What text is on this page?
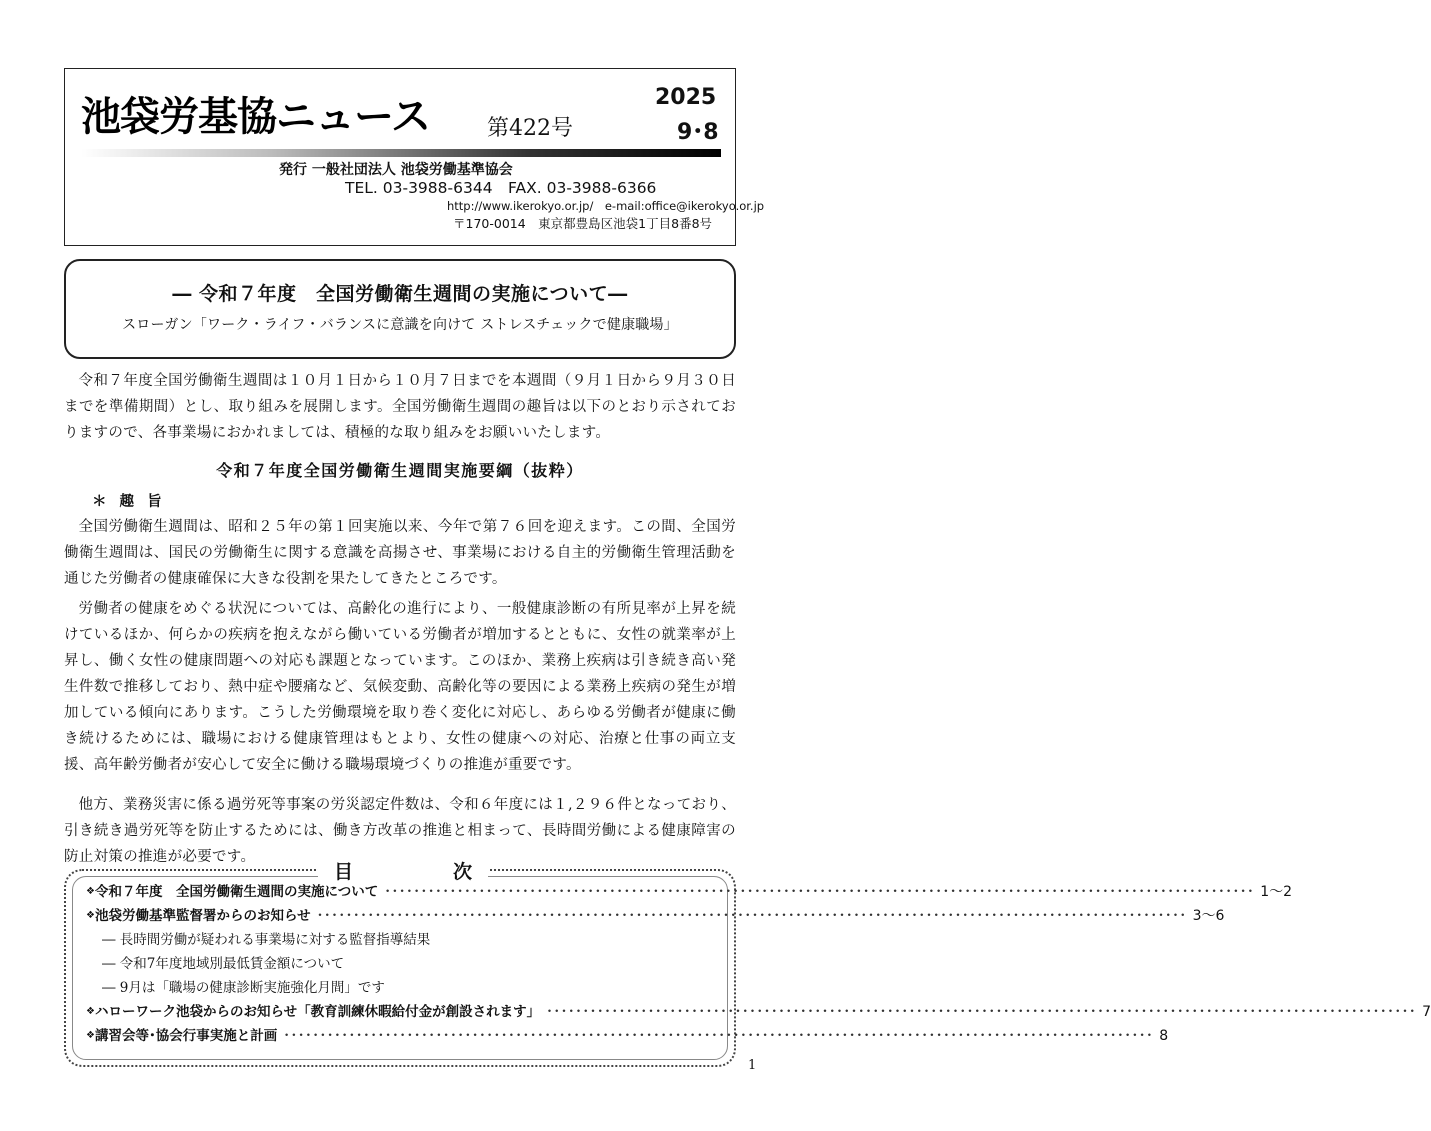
池袋労基協ニュース	第422号
2025
9･8
発行 一般社団法人 池袋労働基準協会
TEL. 03-3988-6344　FAX. 03-3988-6366
http://www.ikerokyo.or.jp/　e-mail:office@ikerokyo.or.jp
〒170-0014　東京都豊島区池袋1丁目8番8号
― 令和７年度　全国労働衛生週間の実施について―
スローガン「ワーク・ライフ・バランスに意識を向けて ストレスチェックで健康職場」

令和７年度全国労働衛生週間は１０月１日から１０月７日までを本週間（９月１日から９月３０日までを準備期間）とし、取り組みを展開します。全国労働衛生週間の趣旨は以下のとおり示されておりますので、各事業場におかれましては、積極的な取り組みをお願いいたします。

令和７年度全国労働衛生週間実施要綱（抜粋）
＊ 趣 旨

全国労働衛生週間は、昭和２５年の第１回実施以来、今年で第７６回を迎えます。この間、全国労働衛生週間は、国民の労働衛生に関する意識を高揚させ、事業場における自主的労働衛生管理活動を通じた労働者の健康確保に大きな役割を果たしてきたところです。

労働者の健康をめぐる状況については、高齢化の進行により、一般健康診断の有所見率が上昇を続けているほか、何らかの疾病を抱えながら働いている労働者が増加するとともに、女性の就業率が上昇し、働く女性の健康問題への対応も課題となっています。このほか、業務上疾病は引き続き高い発生件数で推移しており、熱中症や腰痛など、気候変動、高齢化等の要因による業務上疾病の発生が増加している傾向にあります。こうした労働環境を取り巻く変化に対応し、あらゆる労働者が健康に働き続けるためには、職場における健康管理はもとより、女性の健康への対応、治療と仕事の両立支援、高年齢労働者が安心して安全に働ける職場環境づくりの推進が重要です。

他方、業務災害に係る過労死等事案の労災認定件数は、令和６年度には１,２９６件となっており、引き続き過労死等を防止するためには、働き方改革の推進と相まって、長時間労働による健康障害の防止対策の推進が必要です。

目	次
❖ 令和７年度　全国労働衛生週間の実施について ････････････････････････････････････････････････････････････････････････････････････････････････････････････････････････ 1～2
❖ 池袋労働基準監督署からのお知らせ ････････････････････････････････････････････････････････････････････････････････････････････････････････････････････････ 3～6
― 長時間労働が疑われる事業場に対する監督指導結果
― 令和7年度地域別最低賃金額について
― 9月は「職場の健康診断実施強化月間」です
❖ ハローワーク池袋からのお知らせ「教育訓練休暇給付金が創設されます」 ････････････････････････････････････････････････････････････････････････････････････････････････････････････････････････ 7
❖ 講習会等･協会行事実施と計画 ････････････････････････････････････････････････････････････････････････････････････････････････････････････････････････ 8
1
